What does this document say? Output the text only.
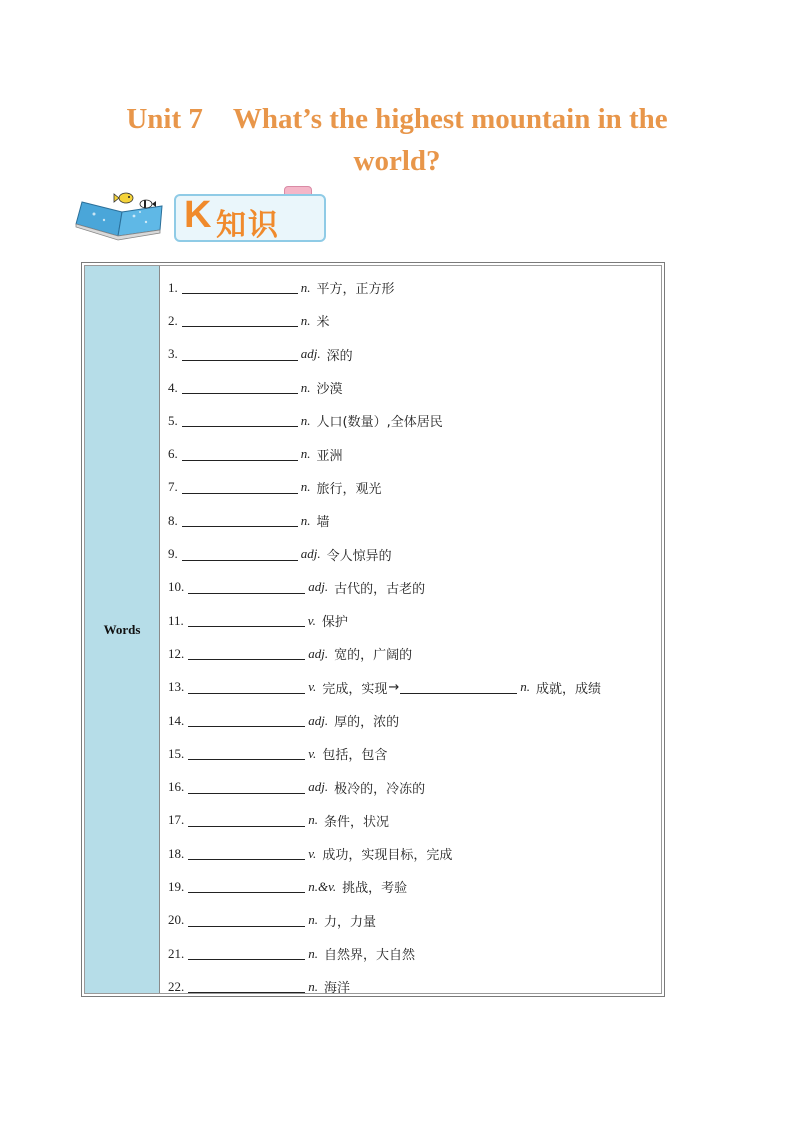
Unit 7 What’s the highest mountain in the
world?
K 知识
Words
1.	n. 平方，正方形
2.	n. 米
3.	adj. 深的
4.	n. 沙漠
5.	n. 人口(数量）,全体居民
6.	n. 亚洲
7.	n. 旅行，观光
8.	n. 墙
9.	adj. 令人惊异的
10.	adj. 古代的，古老的
11.	v. 保护
12.	adj. 宽的，广阔的
13.	v. 完成，实现 →	n. 成就，成绩
14.	adj. 厚的，浓的
15.	v. 包括，包含
16.	adj. 极冷的，冷冻的
17.	n. 条件，状况
18.	v. 成功，实现目标，完成
19.	n.&v. 挑战，考验
20.	n. 力，力量
21.	n. 自然界，大自然
22.	n. 海洋
